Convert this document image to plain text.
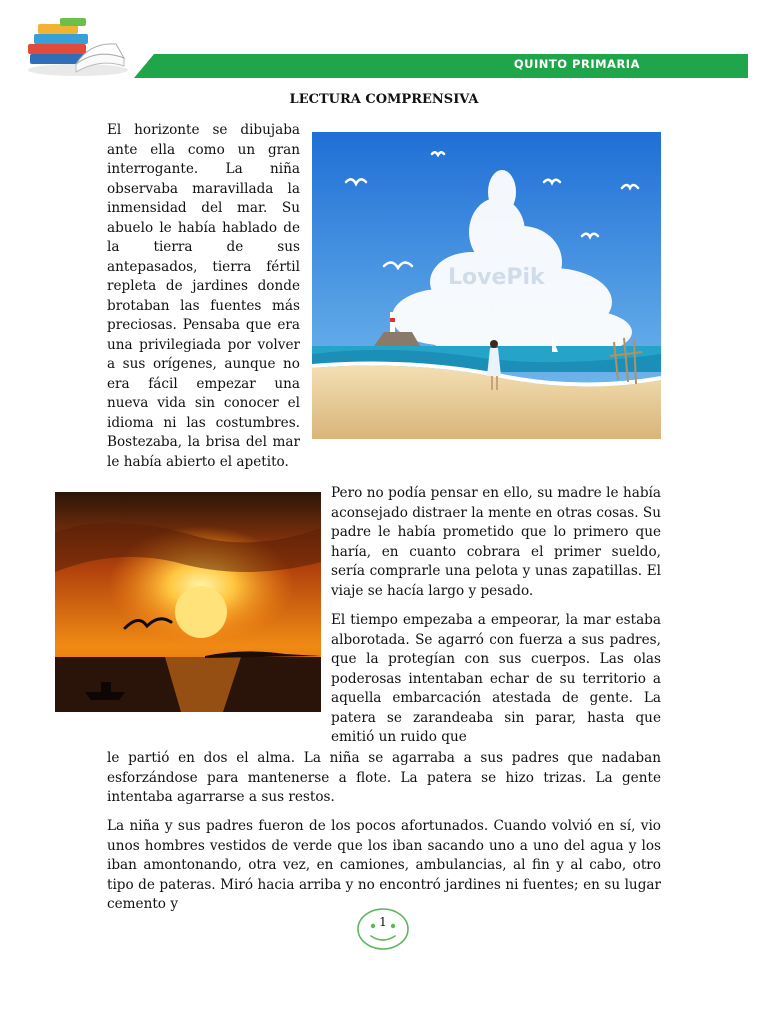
QUINTO PRIMARIA
LECTURA COMPRENSIVA

El horizonte se dibujaba ante ella como un gran interrogante. La niña observaba maravillada la inmensidad del mar. Su abuelo le había hablado de la tierra de sus antepasados, tierra fértil repleta de jardines donde brotaban las fuentes más preciosas. Pensaba que era una privilegiada por volver a sus orígenes, aunque no era fácil empezar una nueva vida sin conocer el idioma ni las costumbres. Bostezaba, la brisa del mar le había abierto el apetito.

LovePik

Pero no podía pensar en ello, su madre le había aconsejado distraer la mente en otras cosas. Su padre le había prometido que lo primero que haría, en cuanto cobrara el primer sueldo, sería comprarle una pelota y unas zapatillas. El viaje se hacía largo y pesado.

El tiempo empezaba a empeorar, la mar estaba alborotada. Se agarró con fuerza a sus padres, que la protegían con sus cuerpos. Las olas poderosas intentaban echar de su territorio a aquella embarcación atestada de gente. La patera se zarandeaba sin parar, hasta que emitió un ruido que

le partió en dos el alma. La niña se agarraba a sus padres que nadaban esforzándose para mantenerse a flote. La patera se hizo trizas. La gente intentaba agarrarse a sus restos.

La niña y sus padres fueron de los pocos afortunados. Cuando volvió en sí, vio unos hombres vestidos de verde que los iban sacando uno a uno del agua y los iban amontonando, otra vez, en camiones, ambulancias, al fin y al cabo, otro tipo de pateras. Miró hacia arriba y no encontró jardines ni fuentes; en su lugar cemento y

1
